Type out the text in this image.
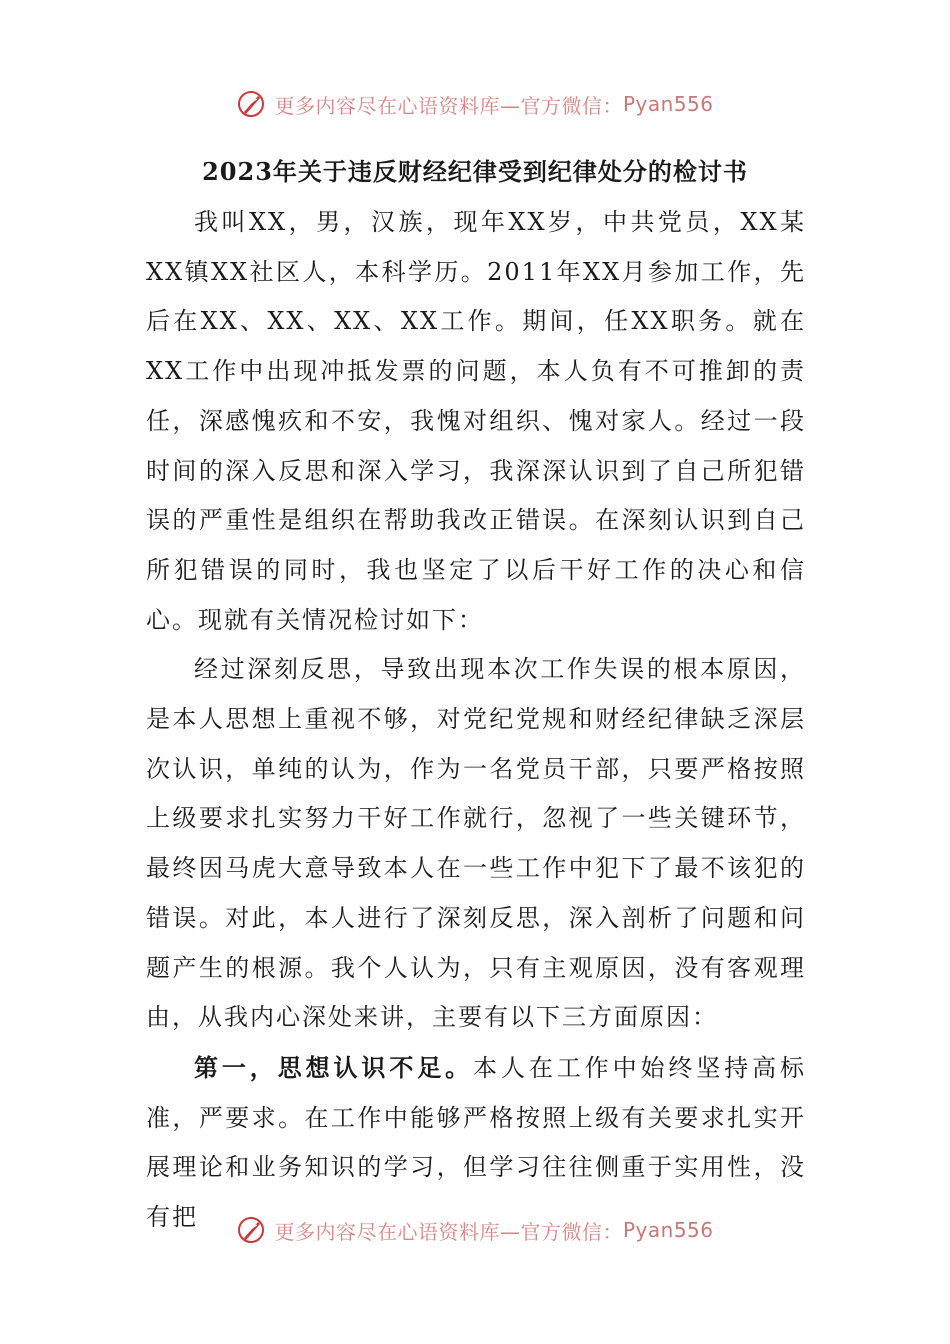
更多内容尽在心语资料库—官方微信： Pyan556
2023年关于违反财经纪律受到纪律处分的检讨书

我叫XX，男，汉族，现年XX岁，中共党员，XX某XX镇XX社区人，本科学历。2011年XX月参加工作，先后在XX、XX、XX、XX工作。期间，任XX职务。就在XX工作中出现冲抵发票的问题，本人负有不可推卸的责任，深感愧疚和不安，我愧对组织、愧对家人。经过一段时间的深入反思和深入学习，我深深认识到了自己所犯错误的严重性是组织在帮助我改正错误。在深刻认识到自己所犯错误的同时，我也坚定了以后干好工作的决心和信心。现就有关情况检讨如下：

经过深刻反思，导致出现本次工作失误的根本原因，是本人思想上重视不够，对党纪党规和财经纪律缺乏深层次认识，单纯的认为，作为一名党员干部，只要严格按照上级要求扎实努力干好工作就行，忽视了一些关键环节，最终因马虎大意导致本人在一些工作中犯下了最不该犯的错误。对此，本人进行了深刻反思，深入剖析了问题和问题产生的根源。我个人认为，只有主观原因，没有客观理由，从我内心深处来讲，主要有以下三方面原因：

第一，思想认识不足。本人在工作中始终坚持高标准，严要求。在工作中能够严格按照上级有关要求扎实开展理论和业务知识的学习，但学习往往侧重于实用性，没有把

更多内容尽在心语资料库—官方微信： Pyan556
